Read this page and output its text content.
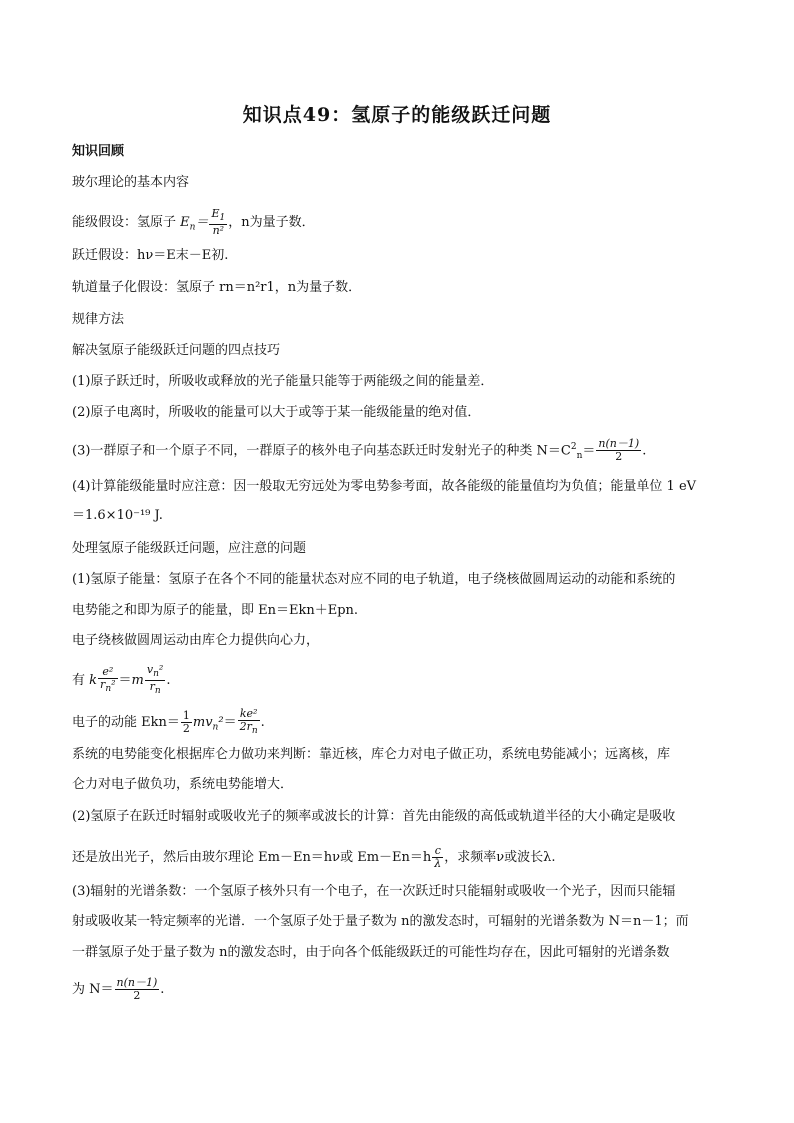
知识点49：氢原子的能级跃迁问题
知识回顾
玻尔理论的基本内容
能级假设：氢原子 $E_n= \frac{E_1}{\text{n²}}$ ，n为量子数．
跃迁假设：hν＝E末－E初.
轨道量子化假设：氢原子 rn＝n²r1，n为量子数．
规律方法
解决氢原子能级跃迁问题的四点技巧
(1)原子跃迁时，所吸收或释放的光子能量只能等于两能级之间的能量差．
(2)原子电离时，所吸收的能量可以大于或等于某一能级能量的绝对值．
(3)一群原子和一个原子不同，一群原子的核外电子向基态跃迁时发射光子的种类 $N=C^2_n= \frac{n(n-1)}{2}$ .
(4)计算能级能量时应注意：因一般取无穷远处为零电势参考面，故各能级的能量值均为负值；能量单位 1 eV
＝1.6×10⁻¹⁹ J.
处理氢原子能级跃迁问题，应注意的问题
(1)氢原子能量：氢原子在各个不同的能量状态对应不同的电子轨道，电子绕核做圆周运动的动能和系统的
电势能之和即为原子的能量，即 En＝Ekn＋Epn.
电子绕核做圆周运动由库仑力提供向心力，
有 k $\frac{\text{e²}}{r_n^2} =m \frac{v_n^2}{r_n}$ .
电子的动能 $Ekn= \frac{1}{2} mv_n^2= \frac{\text{ke²}}{2r_n}$ .
系统的电势能变化根据库仑力做功来判断：靠近核，库仑力对电子做正功，系统电势能减小；远离核，库
仑力对电子做负功，系统电势能增大．
(2)氢原子在跃迁时辐射或吸收光子的频率或波长的计算：首先由能级的高低或轨道半径的大小确定是吸收
还是放出光子，然后由玻尔理论 Em－En＝hν或 $Em-En=h \frac{c}{\lambda}$ ，求频率ν或波长λ.
(3)辐射的光谱条数：一个氢原子核外只有一个电子，在一次跃迁时只能辐射或吸收一个光子，因而只能辐
射或吸收某一特定频率的光谱．一个氢原子处于量子数为 n的激发态时，可辐射的光谱条数为 N＝n－1；而
一群氢原子处于量子数为 n的激发态时，由于向各个低能级跃迁的可能性均存在，因此可辐射的光谱条数
为 $N= \frac{n(n-1)}{2}$ .
